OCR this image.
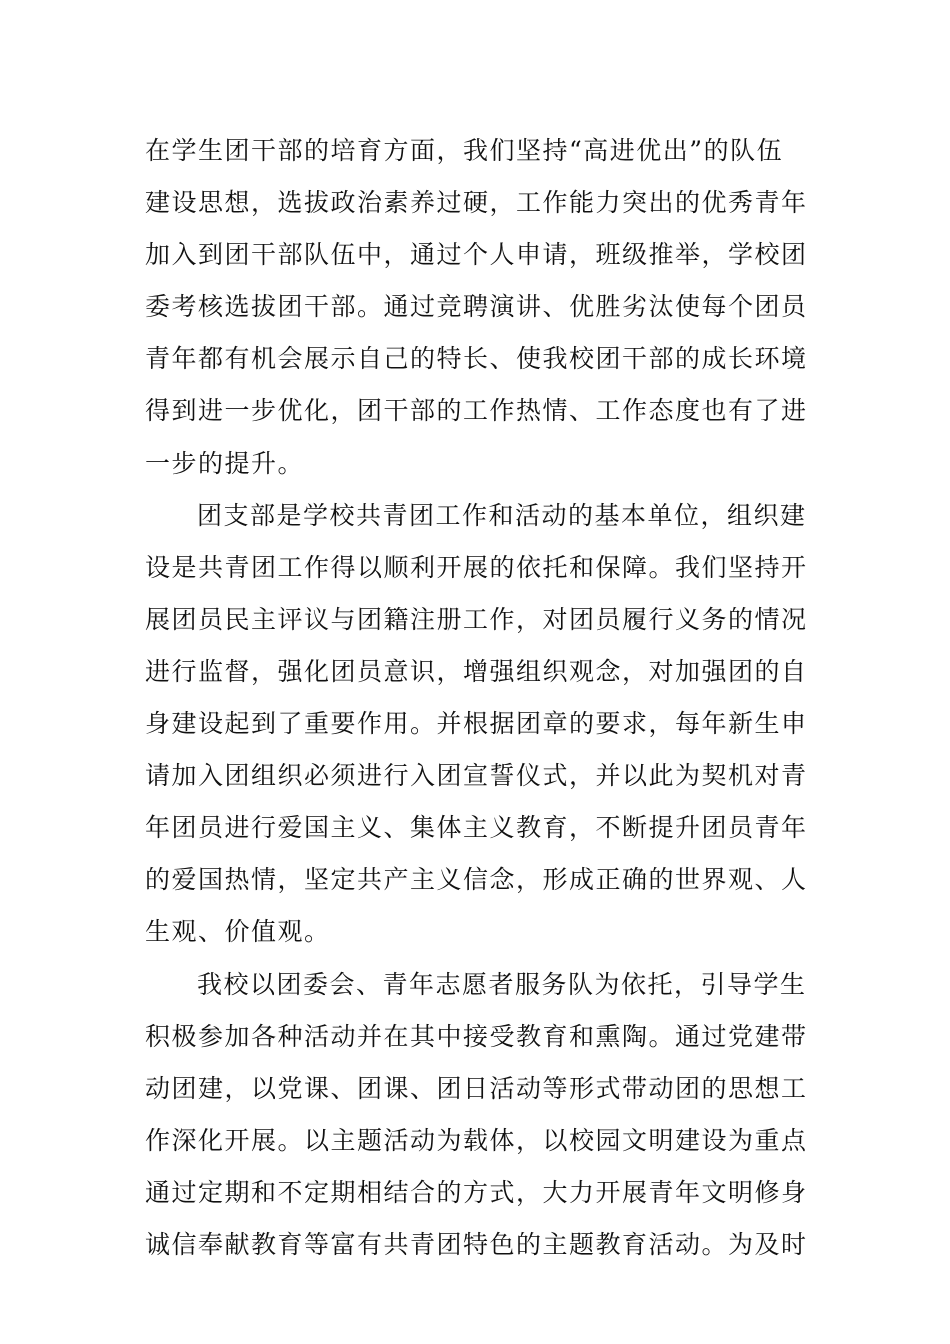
在学生团干部的培育方面，我们坚持“高进优出”的队伍
建设思想，选拔政治素养过硬，工作能力突出的优秀青年
加入到团干部队伍中，通过个人申请，班级推举，学校团
委考核选拔团干部。通过竞聘演讲、优胜劣汰使每个团员
青年都有机会展示自己的特长、使我校团干部的成长环境
得到进一步优化，团干部的工作热情、工作态度也有了进
一步的提升。
团支部是学校共青团工作和活动的基本单位，组织建
设是共青团工作得以顺利开展的依托和保障。我们坚持开
展团员民主评议与团籍注册工作，对团员履行义务的情况
进行监督，强化团员意识，增强组织观念，对加强团的自
身建设起到了重要作用。并根据团章的要求，每年新生申
请加入团组织必须进行入团宣誓仪式，并以此为契机对青
年团员进行爱国主义、集体主义教育，不断提升团员青年
的爱国热情，坚定共产主义信念，形成正确的世界观、人
生观、价值观。
我校以团委会、青年志愿者服务队为依托，引导学生
积极参加各种活动并在其中接受教育和熏陶。通过党建带
动团建，以党课、团课、团日活动等形式带动团的思想工
作深化开展。以主题活动为载体，以校园文明建设为重点
通过定期和不定期相结合的方式，大力开展青年文明修身
诚信奉献教育等富有共青团特色的主题教育活动。为及时
